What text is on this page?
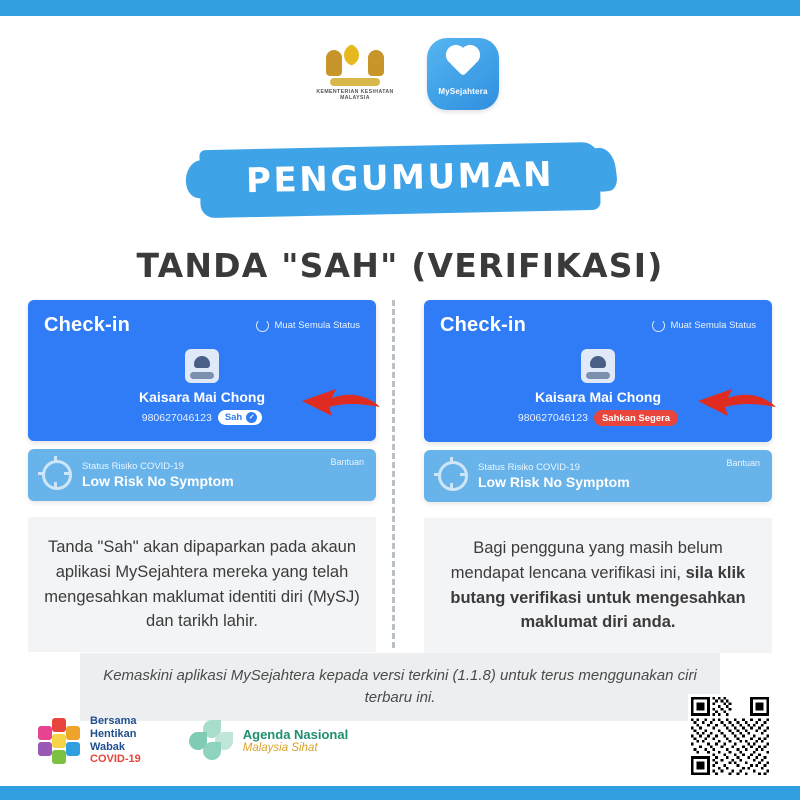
KEMENTERIAN KESIHATAN MALAYSIA
MySejahtera
PENGUMUMAN
TANDA "SAH" (VERIFIKASI)
Check-in	Muat Semula Status
Kaisara Mai Chong
980627046123 Sah ✓
Status Risiko COVID-19
Low Risk No Symptom
Bantuan
Tanda "Sah" akan dipaparkan pada akaun aplikasi MySejahtera mereka yang telah mengesahkan maklumat identiti diri (MySJ) dan tarikh lahir.
Check-in	Muat Semula Status
Kaisara Mai Chong
980627046123	Sahkan Segera
Status Risiko COVID-19
Low Risk No Symptom
Bantuan
Bagi pengguna yang masih belum mendapat lencana verifikasi ini, sila klik butang verifikasi untuk mengesahkan maklumat diri anda.
Kemaskini aplikasi MySejahtera kepada versi terkini (1.1.8) untuk terus menggunakan ciri terbaru ini.
Bersama
Hentikan
Wabak
COVID-19
Agenda Nasional
Malaysia Sihat
